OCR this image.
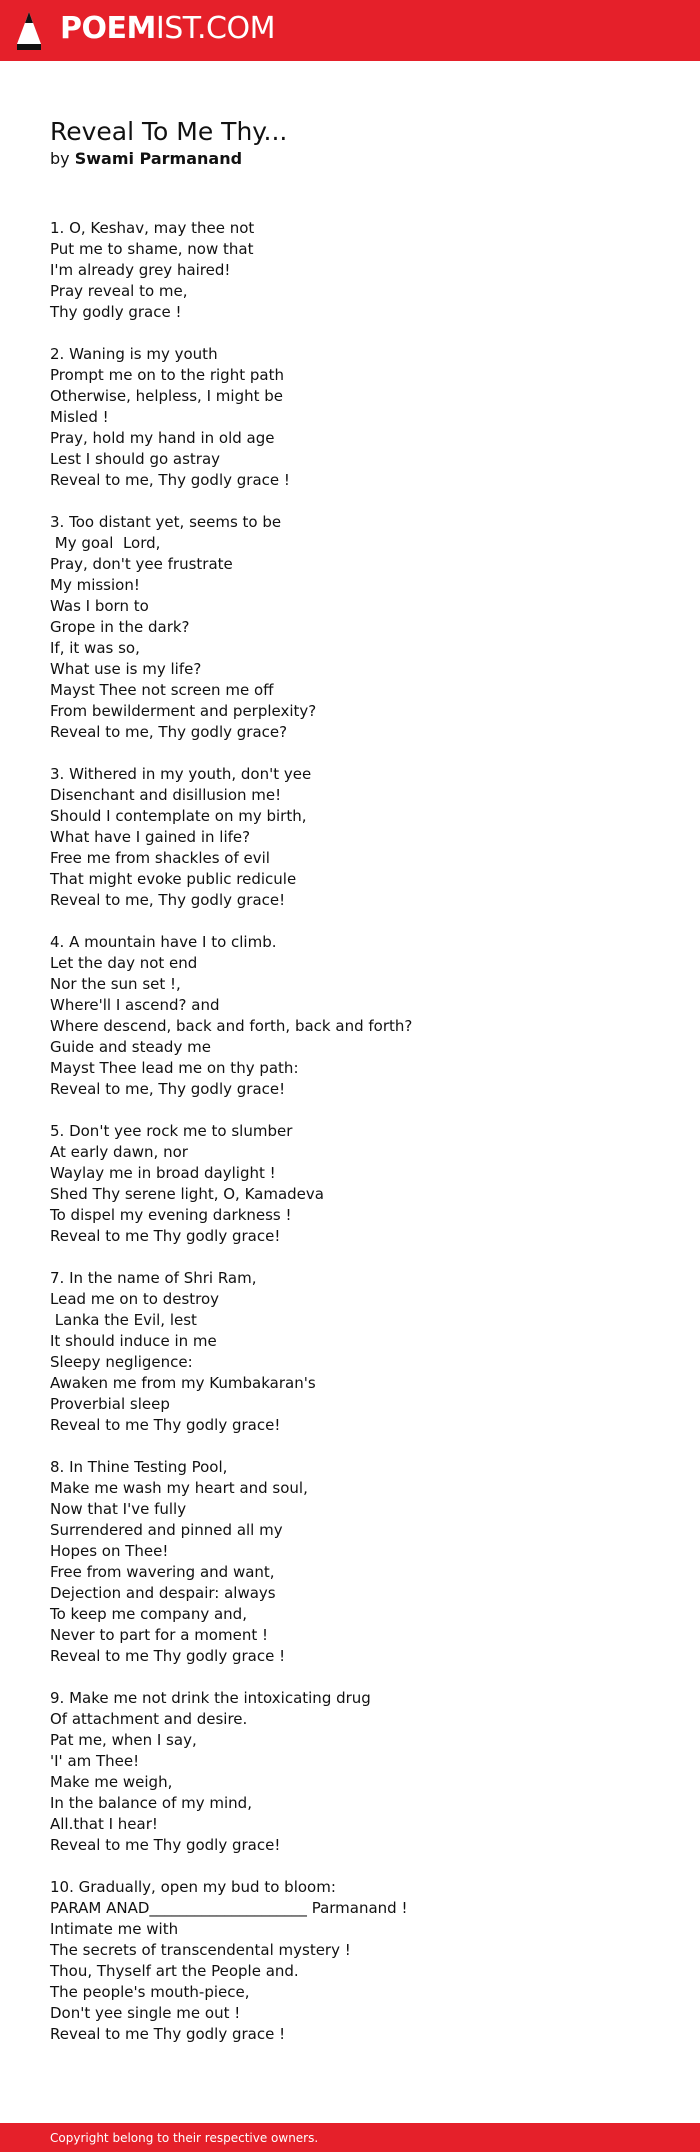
POEMIST.COM
Reveal To Me Thy...
by Swami Parmanand
1. O, Keshav, may thee not
Put me to shame, now that
I'm already grey haired!
Pray reveal to me,
Thy godly grace !
2. Waning is my youth
Prompt me on to the right path
Otherwise, helpless, I might be
Misled !
Pray, hold my hand in old age
Lest I should go astray
Reveal to me, Thy godly grace !
3. Too distant yet, seems to be
My goal  Lord,
Pray, don't yee frustrate
My mission!
Was I born to
Grope in the dark?
If, it was so,
What use is my life?
Mayst Thee not screen me off
From bewilderment and perplexity?
Reveal to me, Thy godly grace?
3. Withered in my youth, don't yee
Disenchant and disillusion me!
Should I contemplate on my birth,
What have I gained in life?
Free me from shackles of evil
That might evoke public redicule
Reveal to me, Thy godly grace!
4. A mountain have I to climb.
Let the day not end
Nor the sun set !,
Where'll I ascend? and
Where descend, back and forth, back and forth?
Guide and steady me
Mayst Thee lead me on thy path:
Reveal to me, Thy godly grace!
5. Don't yee rock me to slumber
At early dawn, nor
Waylay me in broad daylight !
Shed Thy serene light, O, Kamadeva
To dispel my evening darkness !
Reveal to me Thy godly grace!
7. In the name of Shri Ram,
Lead me on to destroy
Lanka the Evil, lest
It should induce in me
Sleepy negligence:
Awaken me from my Kumbakaran's
Proverbial sleep
Reveal to me Thy godly grace!
8. In Thine Testing Pool,
Make me wash my heart and soul,
Now that I've fully
Surrendered and pinned all my
Hopes on Thee!
Free from wavering and want,
Dejection and despair: always
To keep me company and,
Never to part for a moment !
Reveal to me Thy godly grace !
9. Make me not drink the intoxicating drug
Of attachment and desire.
Pat me, when I say,
'I' am Thee!
Make me weigh,
In the balance of my mind,
All.that I hear!
Reveal to me Thy godly grace!
10. Gradually, open my bud to bloom:
PARAM ANAD_____________________ Parmanand !
Intimate me with
The secrets of transcendental mystery !
Thou, Thyself art the People and.
The people's mouth-piece,
Don't yee single me out !
Reveal to me Thy godly grace !
Copyright belong to their respective owners.
